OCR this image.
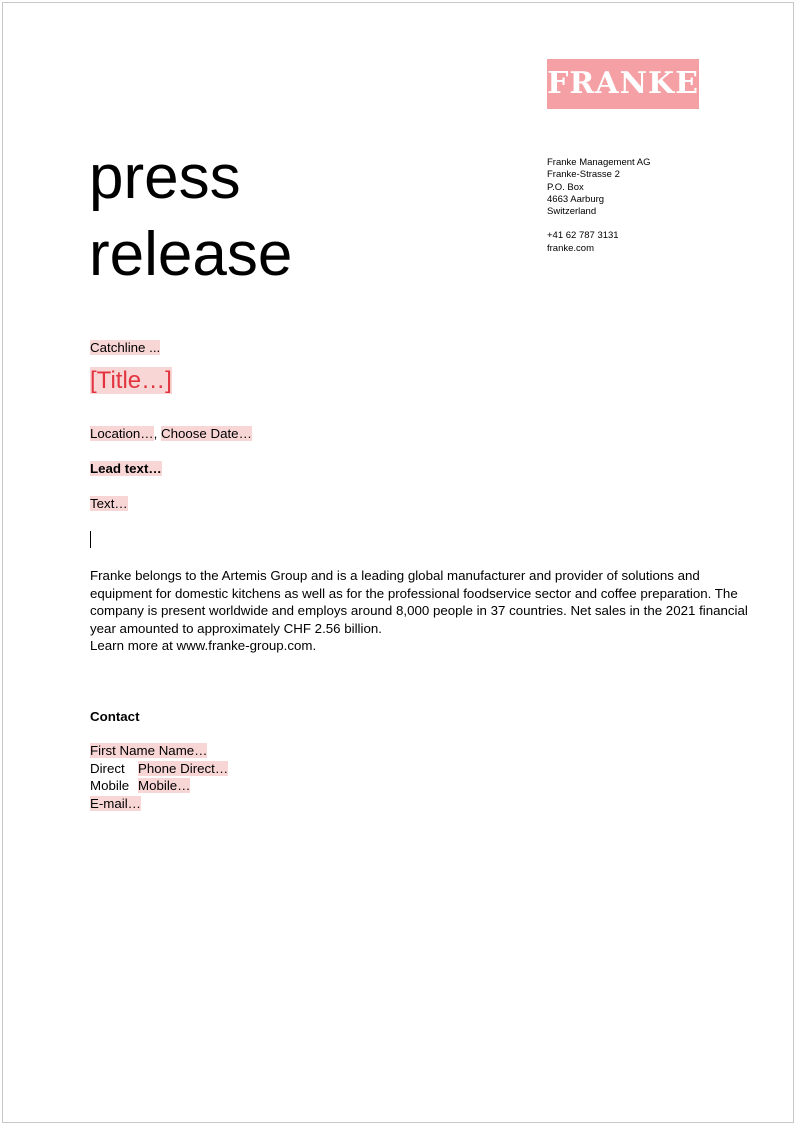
FRANKE
press
release
Franke Management AG
Franke-Strasse 2
P.O. Box
4663 Aarburg
Switzerland
+41 62 787 3131
franke.com
Catchline ...
[Title…]
Location…, Choose Date…
Lead text…
Text…
Franke belongs to the Artemis Group and is a leading global manufacturer and provider of solutions and equipment for domestic kitchens as well as for the professional foodservice sector and coffee preparation. The company is present worldwide and employs around 8,000 people in 37 countries. Net sales in the 2021 financial year amounted to approximately CHF 2.56 billion.
Learn more at www.franke-group.com.
Contact
First Name Name…
Direct Phone Direct…
Mobile Mobile…
E-mail…
